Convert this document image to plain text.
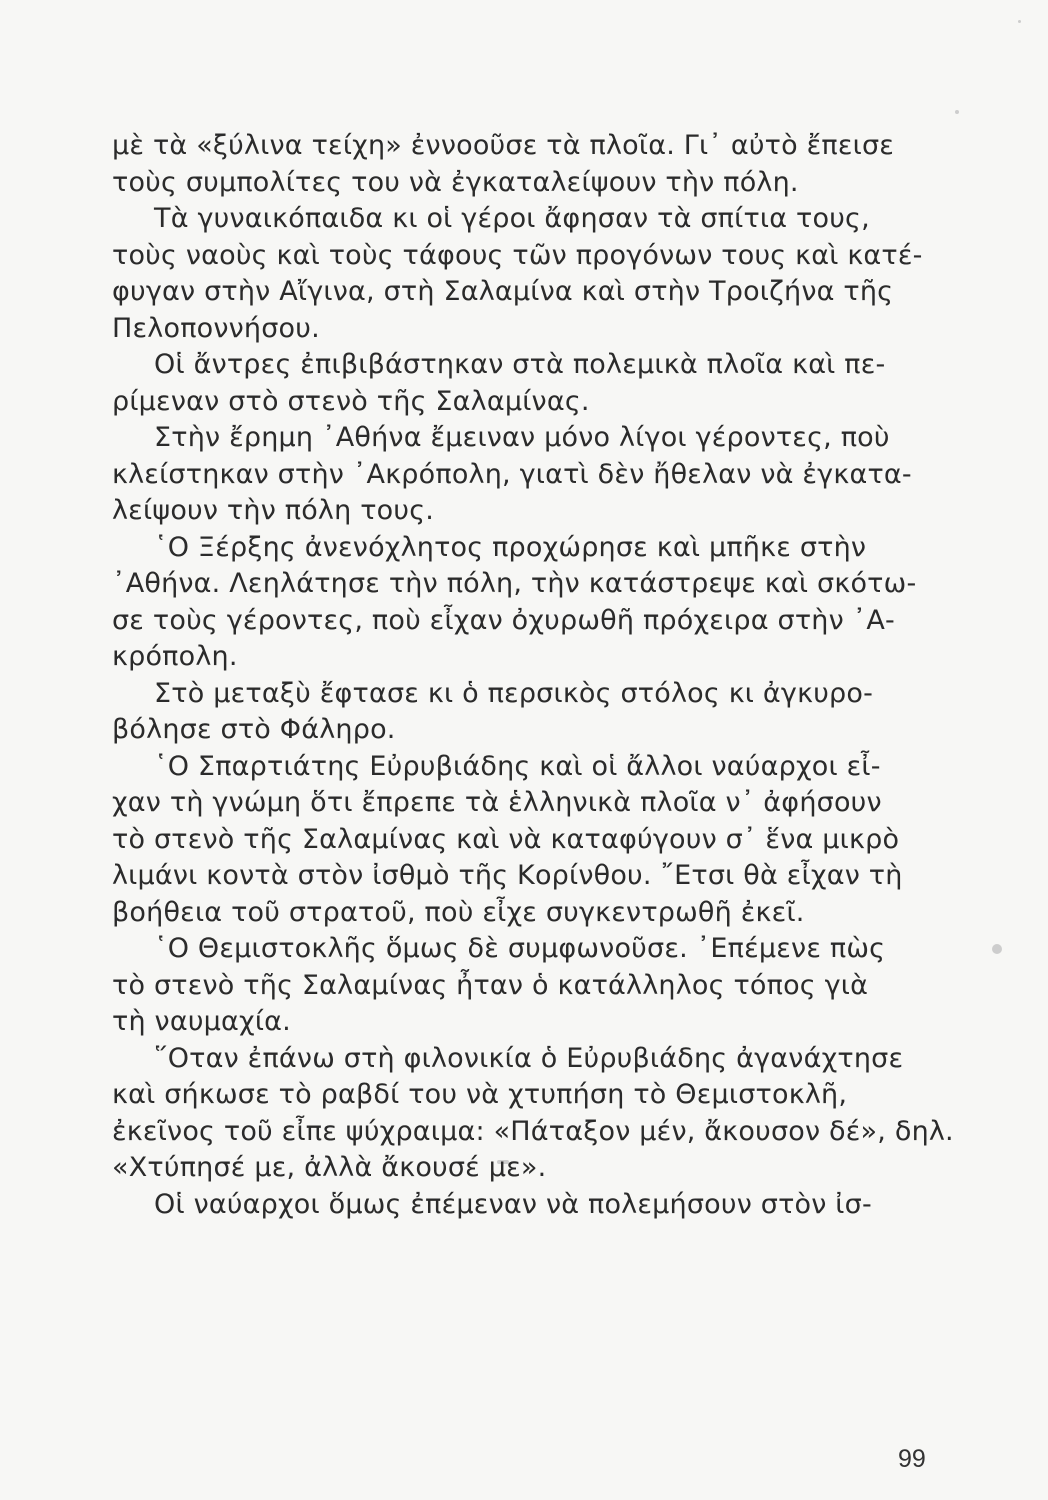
μὲ τὰ «ξύλινα τείχη» ἐννοοῦσε τὰ πλοῖα. Γι᾽ αὐτὸ ἔπεισε
τοὺς συμπολίτες του νὰ ἐγκαταλείψουν τὴν πόλη.
Τὰ γυναικόπαιδα κι οἱ γέροι ἄφησαν τὰ σπίτια τους,
τοὺς ναοὺς καὶ τοὺς τάφους τῶν προγόνων τους καὶ κατέ-
φυγαν στὴν Αἴγινα, στὴ Σαλαμίνα καὶ στὴν Τροιζήνα τῆς
Πελοποννήσου.
Οἱ ἄντρες ἐπιβιβάστηκαν στὰ πολεμικὰ πλοῖα καὶ πε-
ρίμεναν στὸ στενὸ τῆς Σαλαμίνας.
Στὴν ἔρημη ᾽Αθήνα ἔμειναν μόνο λίγοι γέροντες, ποὺ
κλείστηκαν στὴν ᾽Ακρόπολη, γιατὶ δὲν ἤθελαν νὰ ἐγκατα-
λείψουν τὴν πόλη τους.
῾Ο Ξέρξης ἀνενόχλητος προχώρησε καὶ μπῆκε στὴν
᾽Αθήνα. Λεηλάτησε τὴν πόλη, τὴν κατάστρεψε καὶ σκότω-
σε τοὺς γέροντες, ποὺ εἶχαν ὀχυρωθῆ πρόχειρα στὴν ᾽Α-
κρόπολη.
Στὸ μεταξὺ ἔφτασε κι ὁ περσικὸς στόλος κι ἀγκυρο-
βόλησε στὸ Φάληρο.
῾Ο Σπαρτιάτης Εὐρυβιάδης καὶ οἱ ἄλλοι ναύαρχοι εἶ-
χαν τὴ γνώμη ὅτι ἔπρεπε τὰ ἑλληνικὰ πλοῖα ν᾽ ἀφήσουν
τὸ στενὸ τῆς Σαλαμίνας καὶ νὰ καταφύγουν σ᾽ ἕνα μικρὸ
λιμάνι κοντὰ στὸν ἰσθμὸ τῆς Κορίνθου. ῎Ετσι θὰ εἶχαν τὴ
βοήθεια τοῦ στρατοῦ, ποὺ εἶχε συγκεντρωθῆ ἐκεῖ.
῾Ο Θεμιστοκλῆς ὅμως δὲ συμφωνοῦσε. ᾽Επέμενε πὼς
τὸ στενὸ τῆς Σαλαμίνας ἦταν ὁ κατάλληλος τόπος γιὰ
τὴ ναυμαχία.
῞Οταν ἐπάνω στὴ φιλονικία ὁ Εὐρυβιάδης ἀγανάχτησε
καὶ σήκωσε τὸ ραβδί του νὰ χτυπήση τὸ Θεμιστοκλῆ,
ἐκεῖνος τοῦ εἶπε ψύχραιμα: «Πάταξον μέν, ἄκουσον δέ», δηλ.
«Χτύπησέ με, ἀλλὰ ἄκουσέ με».
Οἱ ναύαρχοι ὅμως ἐπέμεναν νὰ πολεμήσουν στὸν ἰσ-
99
